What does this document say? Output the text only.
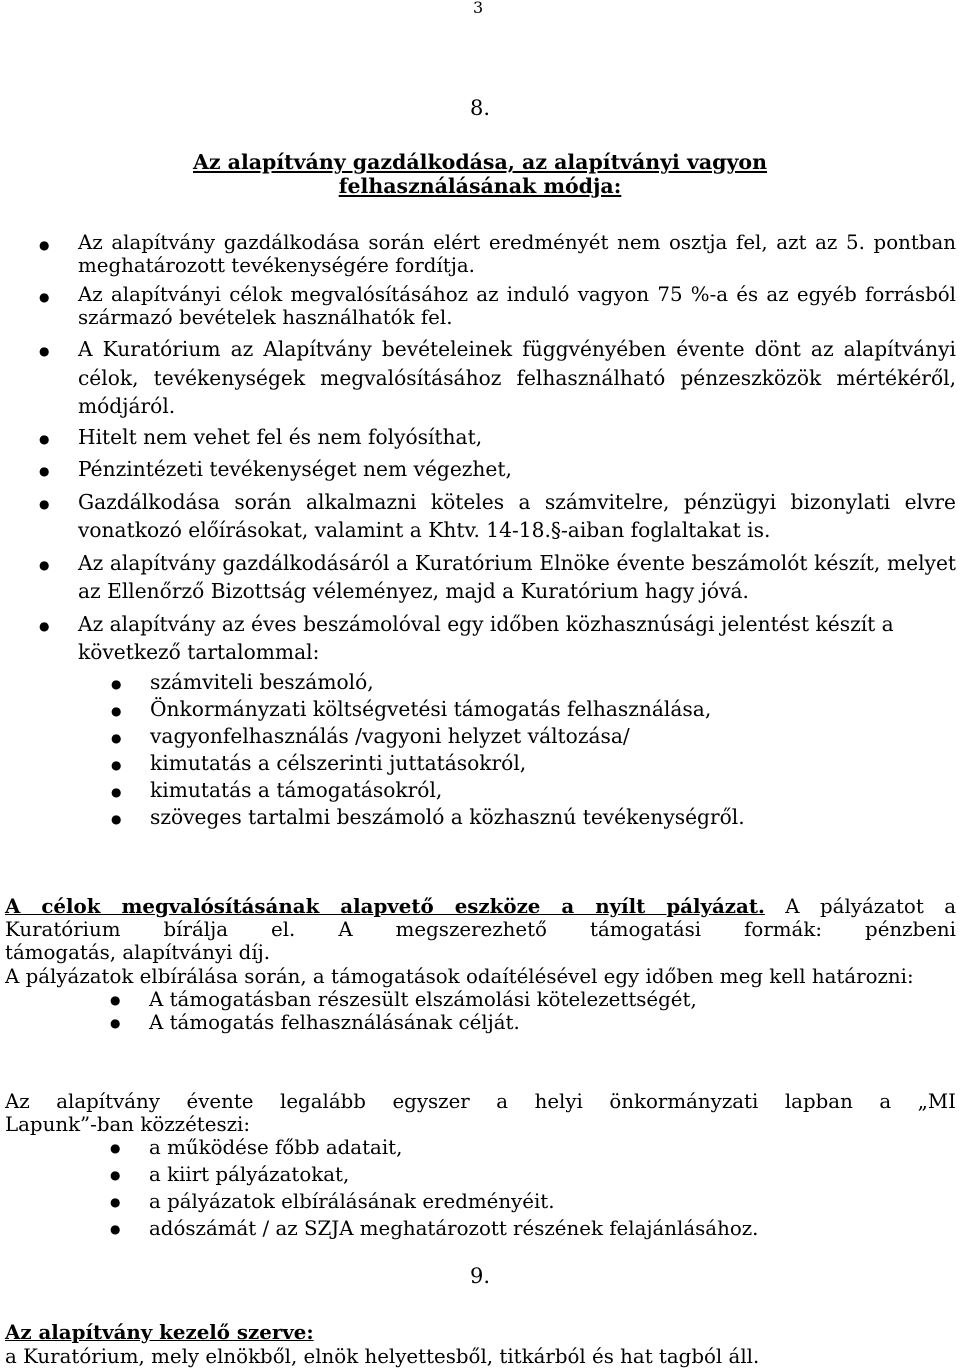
3
8.
Az alapítvány gazdálkodása, az alapítványi vagyon
felhasználásának módja:
● Az alapítvány gazdálkodása során elért eredményét nem osztja fel, azt az 5. pontban meghatározott tevékenységére fordítja.
● Az alapítványi célok megvalósításához az induló vagyon 75 %-a és az egyéb forrásból származó bevételek használhatók fel.
● A Kuratórium az Alapítvány bevételeinek függvényében évente dönt az alapítványi célok, tevékenységek megvalósításához felhasználható pénzeszközök mértékéről, módjáról.
● Hitelt nem vehet fel és nem folyósíthat,
● Pénzintézeti tevékenységet nem végezhet,
● Gazdálkodása során alkalmazni köteles a számvitelre, pénzügyi bizonylati elvre vonatkozó előírásokat, valamint a Khtv. 14-18.§-aiban foglaltakat is.
● Az alapítvány gazdálkodásáról a Kuratórium Elnöke évente beszámolót készít, melyet az Ellenőrző Bizottság véleményez, majd a Kuratórium hagy jóvá.
● Az alapítvány az éves beszámolóval egy időben közhasznúsági jelentést készít a következő tartalommal:
● számviteli beszámoló,
● Önkormányzati költségvetési támogatás felhasználása,
● vagyonfelhasználás /vagyoni helyzet változása/
● kimutatás a célszerinti juttatásokról,
● kimutatás a támogatásokról,
● szöveges tartalmi beszámoló a közhasznú tevékenységről.
A célok megvalósításának alapvető eszköze a nyílt pályázat. A pályázatot a
Kuratórium bírálja el. A megszerezhető támogatási formák: pénzbeni
támogatás, alapítványi díj.
A pályázatok elbírálása során, a támogatások odaítélésével egy időben meg kell határozni:
● A támogatásban részesült elszámolási kötelezettségét,
● A támogatás felhasználásának célját.
Az alapítvány évente legalább egyszer a helyi önkormányzati lapban a „MI
Lapunk”-ban közzéteszi:
● a működése főbb adatait,
● a kiirt pályázatokat,
● a pályázatok elbírálásának eredményéit.
● adószámát / az SZJA meghatározott részének felajánlásához.
9.
Az alapítvány kezelő szerve:
a Kuratórium, mely elnökből, elnök helyettesből, titkárból és hat tagból áll.
